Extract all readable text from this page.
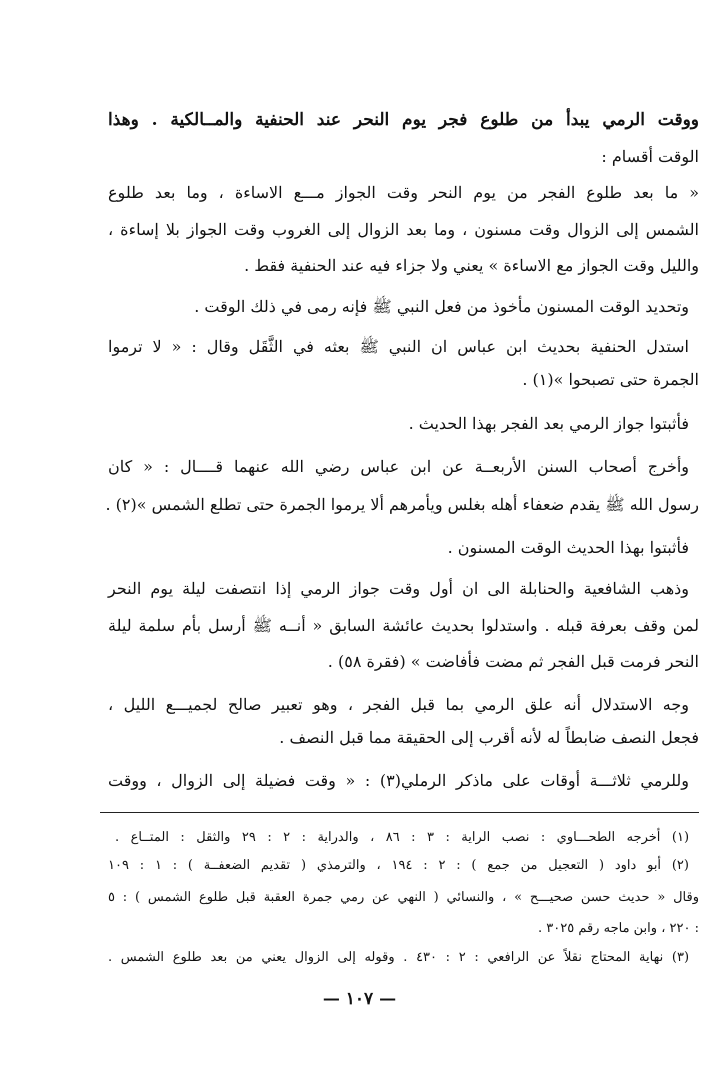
ووقت الرمي يبدأ من طلوع فجر يوم النحر عند الحنفية والمــالكية . وهذا
الوقت أقسام :
« ما بعد طلوع الفجر من يوم النحر وقت الجواز مـــع الاساءة ، وما بعد طلوع
الشمس إلى الزوال وقت مسنون ، وما بعد الزوال إلى الغروب وقت الجواز بلا إساءة ،
والليل وقت الجواز مع الاساءة » يعني ولا جزاء فيه عند الحنفية فقط .
وتحديد الوقت المسنون مأخوذ من فعل النبي ﷺ فإنه رمى في ذلك الوقت .
استدل الحنفية بحديث ابن عباس ان النبي ﷺ بعثه في الثَّقَل وقال : « لا ترموا
الجمرة حتى تصبحوا »(١) .
فأثبتوا جواز الرمي بعد الفجر بهذا الحديث .
وأخرج أصحاب السنن الأربعــة عن ابن عباس رضي الله عنهما قــــال : « كان
رسول الله ﷺ يقدم ضعفاء أهله بغلس ويأمرهم ألا يرموا الجمرة حتى تطلع الشمس »(٢) .
فأثبتوا بهذا الحديث الوقت المسنون .
وذهب الشافعية والحنابلة الى ان أول وقت جواز الرمي إذا انتصفت ليلة يوم النحر
لمن وقف بعرفة قبله . واستدلوا بحديث عائشة السابق « أنــه ﷺ أرسل بأم سلمة ليلة
النحر فرمت قبل الفجر ثم مضت فأفاضت » (فقرة ٥٨) .
وجه الاستدلال أنه علق الرمي بما قبل الفجر ، وهو تعبير صالح لجميـــع الليل ،
فجعل النصف ضابطاً له لأنه أقرب إلى الحقيقة مما قبل النصف .
وللرمي ثلاثـــة أوقات على ماذكر الرملي(٣) : « وقت فضيلة إلى الزوال ، ووقت
(١) أخرجه الطحـــاوي : نصب الراية : ٣ : ٨٦ ، والدراية : ٢ : ٢٩ والثقل : المتــاع .
(٢) أبو داود ( التعجيل من جمع ) : ٢ : ١٩٤ ، والترمذي ( تقديم الضعفــة ) : ١ : ١٠٩
وقال « حديث حسن صحيـــح » ، والنسائي ( النهي عن رمي جمرة العقبة قبل طلوع الشمس ) : ٥
: ٢٢٠ ، وابن ماجه رقم ٣٠٢٥ .
(٣) نهاية المحتاج نقلاً عن الرافعي : ٢ : ٤٣٠ . وقوله إلى الزوال يعني من بعد طلوع الشمس .
— ١٠٧ —
